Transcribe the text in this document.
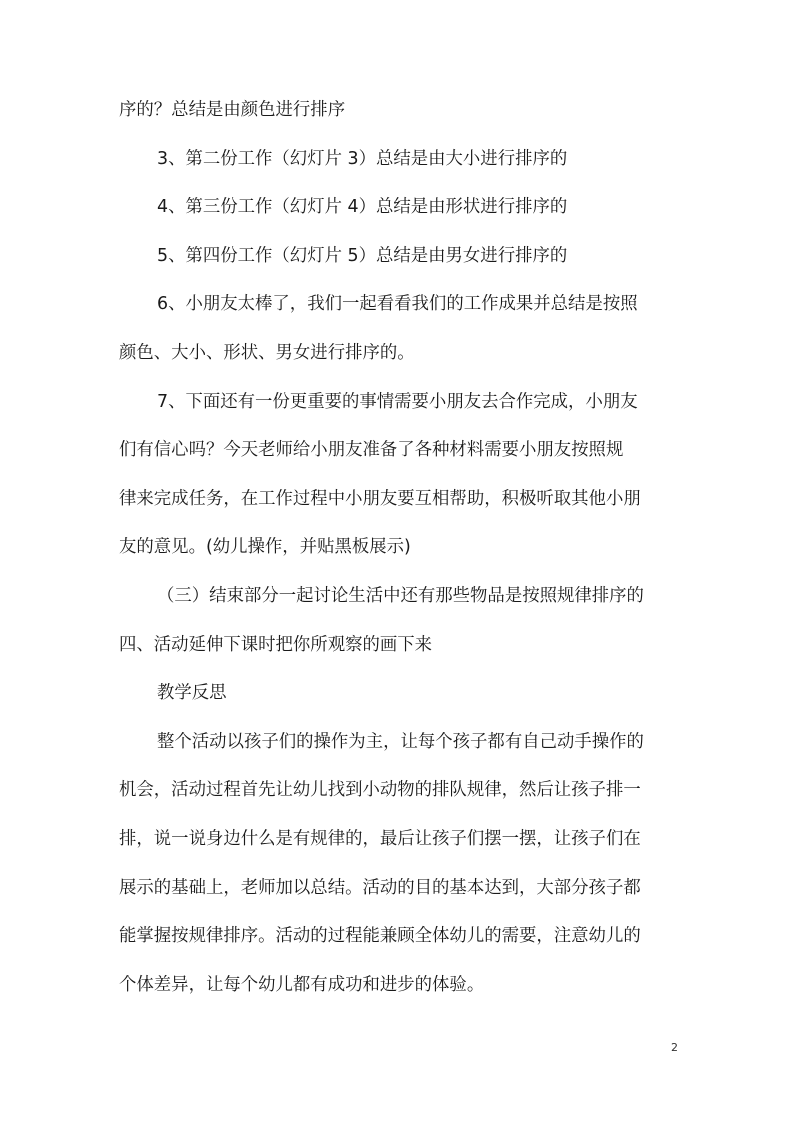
序的？总结是由颜色进行排序
3、第二份工作（幻灯片 3）总结是由大小进行排序的
4、第三份工作（幻灯片 4）总结是由形状进行排序的
5、第四份工作（幻灯片 5）总结是由男女进行排序的
6、小朋友太棒了，我们一起看看我们的工作成果并总结是按照
颜色、大小、形状、男女进行排序的。
7、下面还有一份更重要的事情需要小朋友去合作完成，小朋友
们有信心吗？今天老师给小朋友准备了各种材料需要小朋友按照规
律来完成任务，在工作过程中小朋友要互相帮助，积极听取其他小朋
友的意见。(幼儿操作，并贴黑板展示)
（三）结束部分一起讨论生活中还有那些物品是按照规律排序的
四、活动延伸下课时把你所观察的画下来
教学反思
整个活动以孩子们的操作为主，让每个孩子都有自己动手操作的
机会，活动过程首先让幼儿找到小动物的排队规律，然后让孩子排一
排，说一说身边什么是有规律的，最后让孩子们摆一摆，让孩子们在
展示的基础上，老师加以总结。活动的目的基本达到，大部分孩子都
能掌握按规律排序。活动的过程能兼顾全体幼儿的需要，注意幼儿的
个体差异，让每个幼儿都有成功和进步的体验。
2
